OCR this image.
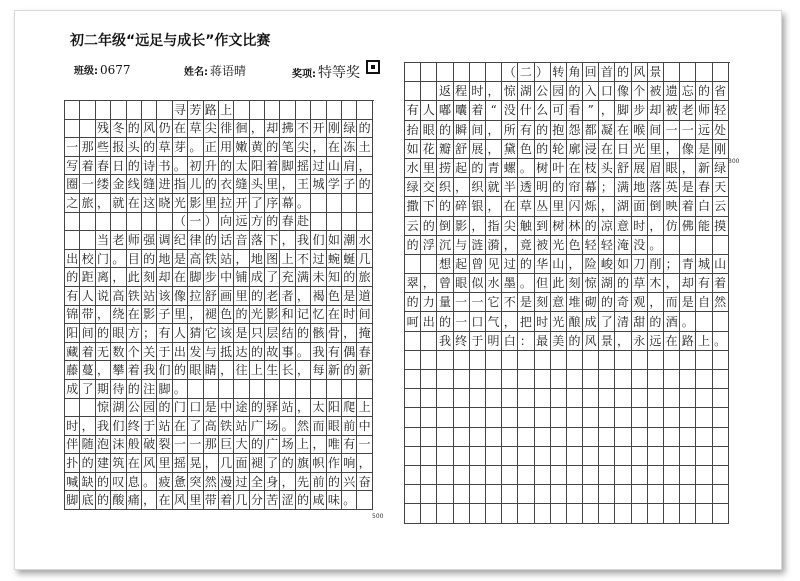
初二年级“远足与成长”作文比赛
班级: 0677	姓名: 蒋语晴	奖项: 特等奖
寻 芳 路 上
残 冬 的 风 仍 在 草 尖 徘 徊 ， 却 拂 不 开 刚 绿 的
一 那 些 报 头 的 草 芽 。 正 用 嫩 黄 的 笔 尖 ， 在 冻 土
写 着 春 日 的 诗 书 。 初 升 的 太 阳 着 脚 摇 过 山 肩 ，
圈 一 缕 金 线 缝 进 指 儿 的 衣 缝 头 里 ， 王 城 学 子 的
之 旅 ， 就 在 这 晓 光 影 里 拉 开 了 序 幕 。
（ 一 ） 向 远 方 的 春 赴
当 老 师 强 调 纪 律 的 话 音 落 下 ， 我 们 如 潮 水
出 校 门 。 目 的 地 是 高 铁 站 ， 地 图 上 不 过 蜿 蜒 几
的 距 离 ， 此 刻 却 在 脚 步 中 铺 成 了 充 满 未 知 的 旅
有 人 说 高 铁 站 该 像 拉 舒 画 里 的 老 者 ， 褐 色 是 道
锦 带 ， 绕 在 影 子 里 ， 褪 色 的 光 影 和 记 忆 在 时 间
阳 间 的 眼 方 ； 有 人 猜 它 该 是 只 层 结 的 骸 骨 ， 掩
藏 着 无 数 个 关 于 出 发 与 抵 达 的 故 事 。 我 有 偶 春
藤 蔓 ， 攀 着 我 们 的 眼 睛 ， 往 上 生 长 ， 每 新 的 新
成 了 期 待 的 注 脚 。
惊 湖 公 园 的 门 口 是 中 途 的 驿 站 ， 太 阳 爬 上
时 ， 我 们 终 于 站 在 了 高 铁 站 广 场 。 然 而 眼 前 中
伴 随 泡 沫 般 破 裂 一 一 那 巨 大 的 广 场 上 ， 唯 有 一
扑 的 建 筑 在 风 里 摇 晃 ， 几 面 褪 了 的 旗 帜 作 响 ，
喊 缺 的 叹 息 。 疲 惫 突 然 漫 过 全 身 ， 先 前 的 兴 奋
脚 底 的 酸 痛 ， 在 风 里 带 着 几 分 苦 涩 的 咸 味 。
500
（ 二 ） 转 角 回 首 的 风 景
返 程 时 ， 惊 湖 公 园 的 入 口 像 个 被 遗 忘 的 省
有 人 嘟 囔 着 “ 没 什 么 可 看 ” ， 脚 步 却 被 老 师 轻
抬 眼 的 瞬 间 ， 所 有 的 抱 怨 都 凝 在 喉 间 一 一 远 处
如 花 瓣 舒 展 ， 黛 色 的 轮 廓 浸 在 日 光 里 ， 像 是 刚
水 里 捞 起 的 青 螺 。 树 叶 在 枝 头 舒 展 眉 眼 ， 新 绿
绿 交 织 ， 织 就 半 透 明 的 帘 幕 ； 满 地 落 英 是 春 天
撒 下 的 碎 银 ， 在 草 丛 里 闪 烁 ， 湖 面 倒 映 着 白 云
云 的 倒 影 ， 指 尖 触 到 树 林 的 凉 意 时 ， 仿 佛 能 摸
的 浮 沉 与 涟 漪 ， 竟 被 光 色 轻 轻 淹 没 。
想 起 曾 见 过 的 华 山 ， 险 峻 如 刀 削 ； 青 城 山
翠 ， 曾 眼 似 水 墨 。 但 此 刻 惊 湖 的 草 木 ， 却 有 着
的 力 量 一 一 它 不 是 刻 意 堆 砌 的 奇 观 ， 而 是 自 然
呵 出 的 一 口 气 ， 把 时 光 酿 成 了 清 甜 的 酒 。
我 终 于 明 白 ： 最 美 的 风 景 ， 永 远 在 路 上 。
300
